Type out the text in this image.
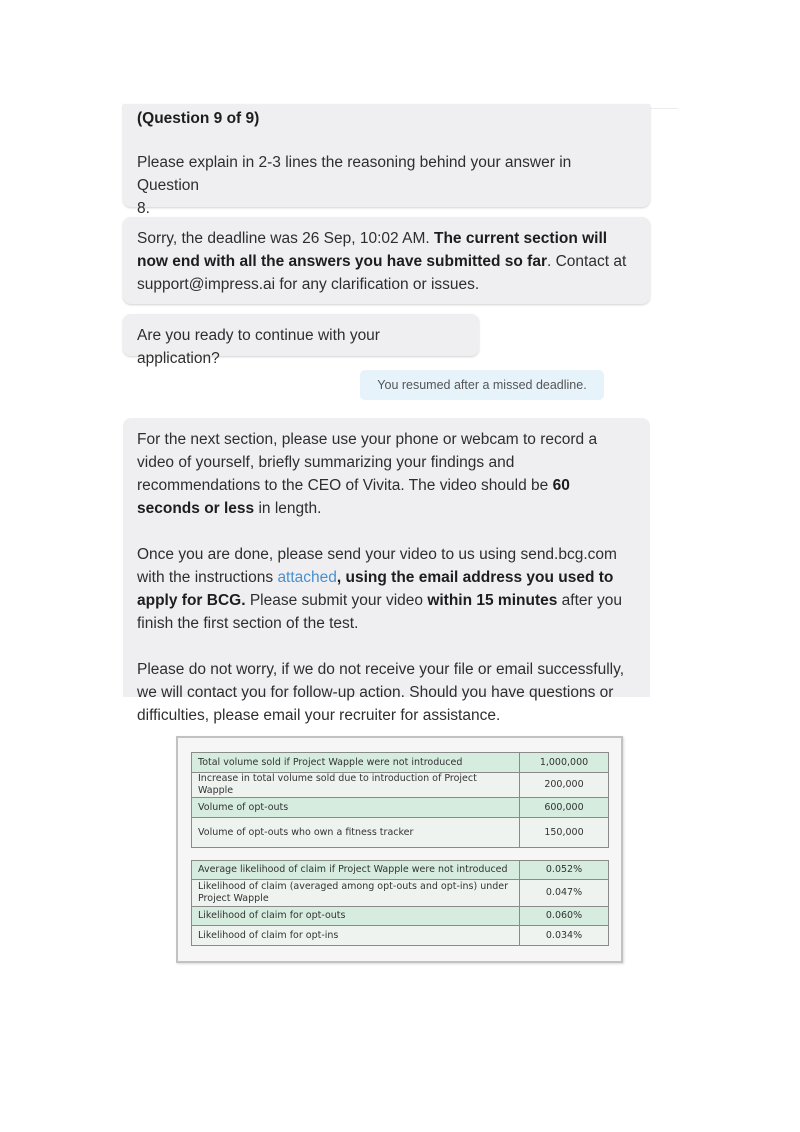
(Question 9 of 9)
Please explain in 2-3 lines the reasoning behind your answer in Question
8.
Sorry, the deadline was 26 Sep, 10:02 AM. The current section will now end with all the answers you have submitted so far. Contact at support@impress.ai for any clarification or issues.
Are you ready to continue with your application?
You resumed after a missed deadline.

For the next section, please use your phone or webcam to record a video of yourself, briefly summarizing your findings and recommendations to the CEO of Vivita. The video should be 60 seconds or less in length.

Once you are done, please send your video to us using send.bcg.com with the instructions attached, using the email address you used to apply for BCG. Please submit your video within 15 minutes after you finish the first section of the test.

Please do not worry, if we do not receive your file or email successfully, we will contact you for follow-up action. Should you have questions or difficulties, please email your recruiter for assistance.

Total volume sold if Project Wapple were not introduced	1,000,000
Increase in total volume sold due to introduction of Project Wapple	200,000
Volume of opt-outs	600,000
Volume of opt-outs who own a fitness tracker	150,000
Average likelihood of claim if Project Wapple were not introduced	0.052%
Likelihood of claim (averaged among opt-outs and opt-ins) under Project Wapple	0.047%
Likelihood of claim for opt-outs	0.060%
Likelihood of claim for opt-ins	0.034%
